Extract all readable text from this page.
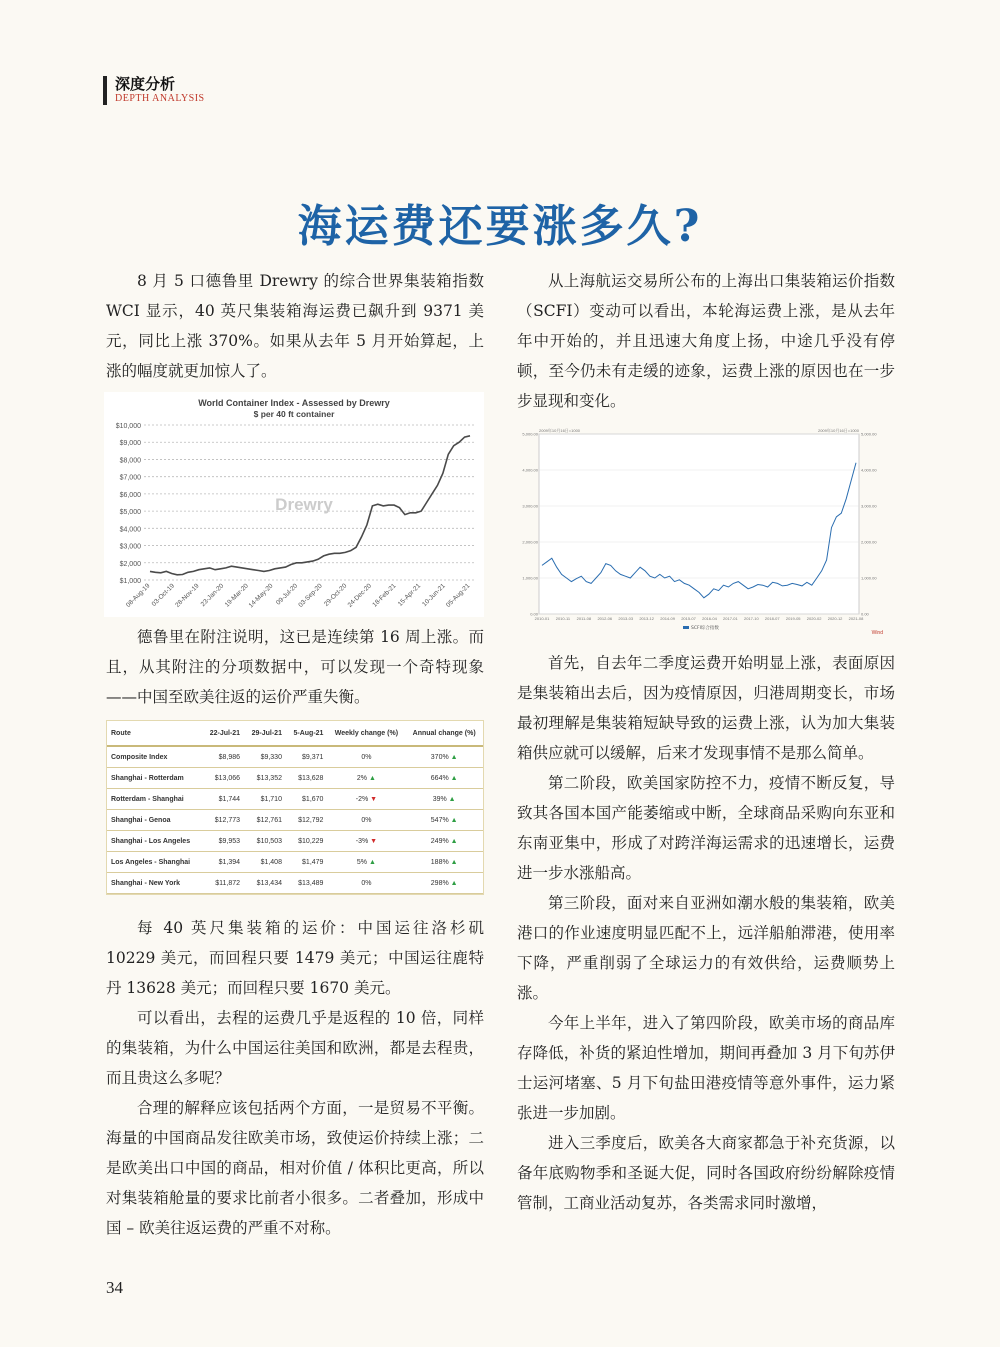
深度分析
DEPTH ANALYSIS
海运费还要涨多久?

8 月 5 口德鲁里 Drewry 的综合世界集装箱指数 WCI 显示，40 英尺集装箱海运费已飙升到 9371 美元，同比上涨 370%。如果从去年 5 月开始算起，上涨的幅度就更加惊人了。

World Container Index - Assessed by Drewry
$ per 40 ft container
$1,000
$2,000
$3,000
$4,000
$5,000
$6,000
$7,000
$8,000
$9,000
$10,000
Drewry
08-Aug-19 03-Oct-19
28-Nov-19
23-Jan-20
19-Mar-20
14-May-20 09-Jul-20
03-Sep-20 29-Oct-20
24-Dec-20
18-Feb-21 15-Apr-21
10-Jun-21
05-Aug-21

德鲁里在附注说明，这已是连续第 16 周上涨。而且，从其附注的分项数据中，可以发现一个奇特现象——中国至欧美往返的运价严重失衡。

Route	22-Jul-21	29-Jul-21	5-Aug-21	Weekly change (%)	Annual change (%)
Composite Index	$8,986	$9,330	$9,371	0%	370% ▲
Shanghai - Rotterdam	$13,066	$13,352	$13,628	2% ▲	664% ▲
Rotterdam - Shanghai	$1,744	$1,710	$1,670	-2% ▼	39% ▲
Shanghai - Genoa	$12,773	$12,761	$12,792	0%	547% ▲
Shanghai - Los Angeles	$9,953	$10,503	$10,229	-3% ▼	249% ▲
Los Angeles - Shanghai	$1,394	$1,408	$1,479	5% ▲	188% ▲
Shanghai - New York	$11,872	$13,434	$13,489	0%	298% ▲

每 40 英尺集装箱的运价：中国运往洛杉矶 10229 美元，而回程只要 1479 美元；中国运往鹿特丹 13628 美元；而回程只要 1670 美元。

可以看出，去程的运费几乎是返程的 10 倍，同样的集装箱，为什么中国运往美国和欧洲，都是去程贵，而且贵这么多呢？

合理的解释应该包括两个方面，一是贸易不平衡。海量的中国商品发往欧美市场，致使运价持续上涨；二是欧美出口中国的商品，相对价值 / 体积比更高，所以对集装箱舱量的要求比前者小很多。二者叠加，形成中国 – 欧美往返运费的严重不对称。

从上海航运交易所公布的上海出口集装箱运价指数（SCFI）变动可以看出，本轮海运费上涨，是从去年年中开始的，并且迅速大角度上扬，中途几乎没有停顿，至今仍未有走缓的迹象，运费上涨的原因也在一步步显现和变化。

2009年10月16日=1000	2009年10月16日=1000
0.00	0.00
1,000.00	1,000.00
2,000.00	2,000.00
3,000.00	3,000.00
4,000.00	4,000.00
5,000.00	5,000.00
2010-01 2010-11 2011-08 2012-06 2013-03 2013-12 2014-09 2015-07 2016-04 2017-01 2017-10 2018-07 2019-05 2020-02 2020-12 2021-08
SCFI综合指数
Wind

首先，自去年二季度运费开始明显上涨，表面原因是集装箱出去后，因为疫情原因，归港周期变长，市场最初理解是集装箱短缺导致的运费上涨，认为加大集装箱供应就可以缓解，后来才发现事情不是那么简单。

第二阶段，欧美国家防控不力，疫情不断反复，导致其各国本国产能萎缩或中断，全球商品采购向东亚和东南亚集中，形成了对跨洋海运需求的迅速增长，运费进一步水涨船高。

第三阶段，面对来自亚洲如潮水般的集装箱，欧美港口的作业速度明显匹配不上，远洋船舶滞港，使用率下降，严重削弱了全球运力的有效供给，运费顺势上涨。

今年上半年，进入了第四阶段，欧美市场的商品库存降低，补货的紧迫性增加，期间再叠加 3 月下旬苏伊士运河堵塞、5 月下旬盐田港疫情等意外事件，运力紧张进一步加剧。

进入三季度后，欧美各大商家都急于补充货源，以备年底购物季和圣诞大促，同时各国政府纷纷解除疫情管制，工商业活动复苏，各类需求同时激增，

34
